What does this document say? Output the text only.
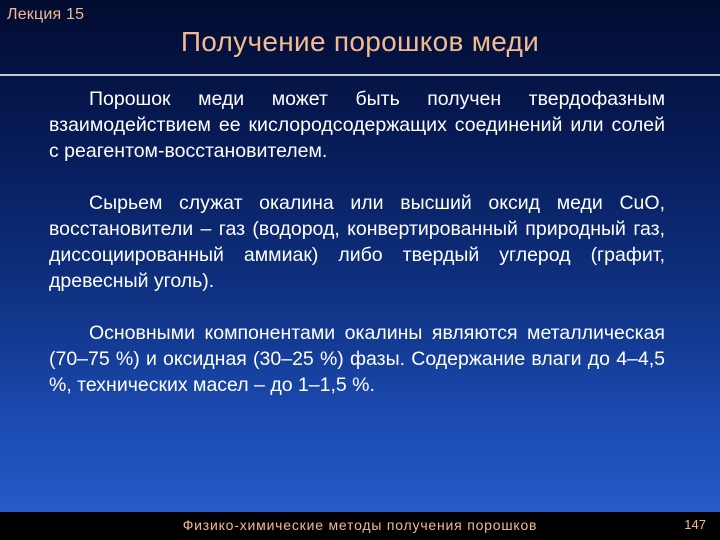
Лекция 15
Получение порошков меди

Порошок меди может быть получен твердофазным взаимодействием ее кислородсодержащих соединений или солей с реагентом-восстановителем.

Сырьем служат окалина или высший оксид меди CuO, восстановители – газ (водород, конвертированный природный газ, диссоциированный аммиак) либо твердый углерод (графит, древесный уголь).

Основными компонентами окалины являются металлическая (70–75 %) и оксидная (30–25 %) фазы. Содержание влаги до 4–4,5 %, технических масел – до 1–1,5 %.

Физико-химические методы получения порошков	147
